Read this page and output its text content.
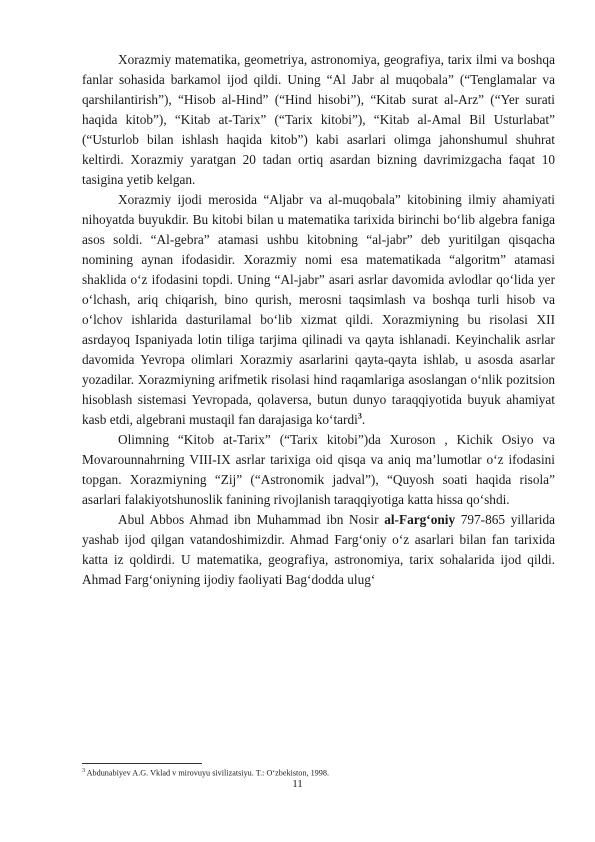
Xorazmiy matematika, geometriya, astronomiya, geografiya, tarix ilmi va boshqa fanlar sohasida barkamol ijod qildi. Uning “Al Jabr al muqobala” (“Tenglamalar va qarshilantirish”), “Hisob al-Hind” (“Hind hisobi”), “Kitab surat al-Arz” (“Yer surati haqida kitob”), “Kitab at-Tarix” (“Tarix kitobi”), “Kitab al-Amal Bil Usturlabat” (“Usturlob bilan ishlash haqida kitob”) kabi asarlari olimga jahonshumul shuhrat keltirdi. Xorazmiy yaratgan 20 tadan ortiq asardan bizning davrimizgacha faqat 10 tasigina yetib kelgan.

Xorazmiy ijodi merosida “Aljabr va al-muqobala” kitobining ilmiy ahamiyati nihoyatda buyukdir. Bu kitobi bilan u matematika tarixida birinchi bo‘lib algebra faniga asos soldi. “Al-gebra” atamasi ushbu kitobning “al-jabr” deb yuritilgan qisqacha nomining aynan ifodasidir. Xorazmiy nomi esa matematikada “algoritm” atamasi shaklida o‘z ifodasini topdi. Uning “Al-jabr” asari asrlar davomida avlodlar qo‘lida yer o‘lchash, ariq chiqarish, bino qurish, merosni taqsimlash va boshqa turli hisob va o‘lchov ishlarida dasturilamal bo‘lib xizmat qildi. Xorazmiyning bu risolasi XII asrdayoq Ispaniyada lotin tiliga tarjima qilinadi va qayta ishlanadi. Keyinchalik asrlar davomida Yevropa olimlari Xorazmiy asarlarini qayta-qayta ishlab, u asosda asarlar yozadilar. Xorazmiyning arifmetik risolasi hind raqamlariga asoslangan o‘nlik pozitsion hisoblash sistemasi Yevropada, qolaversa, butun dunyo taraqqiyotida buyuk ahamiyat kasb etdi, algebrani mustaqil fan darajasiga ko‘tardi$^3$.

Olimning “Kitob at-Tarix” (“Tarix kitobi”)da Xuroson , Kichik Osiyo va Movarounnahrning VIII-IX asrlar tarixiga oid qisqa va aniq ma’lumotlar o‘z ifodasini topgan. Xorazmiyning “Zij” (“Astronomik jadval”), “Quyosh soati haqida risola” asarlari falakiyotshunoslik fanining rivojlanish taraqqiyotiga katta hissa qo‘shdi.

Abul Abbos Ahmad ibn Muhammad ibn Nosir al-Farg‘oniy 797-865 yillarida yashab ijod qilgan vatandoshimizdir. Ahmad Farg‘oniy o‘z asarlari bilan fan tarixida katta iz qoldirdi. U matematika, geografiya, astronomiya, tarix sohalarida ijod qildi. Ahmad Farg‘oniyning ijodiy faoliyati Bag‘dodda ulug‘

$^3$ Abdunabiyev A.G. Vklad v mirovuyu sivilizatsiyu. T.: O‘zbekiston, 1998.
11
